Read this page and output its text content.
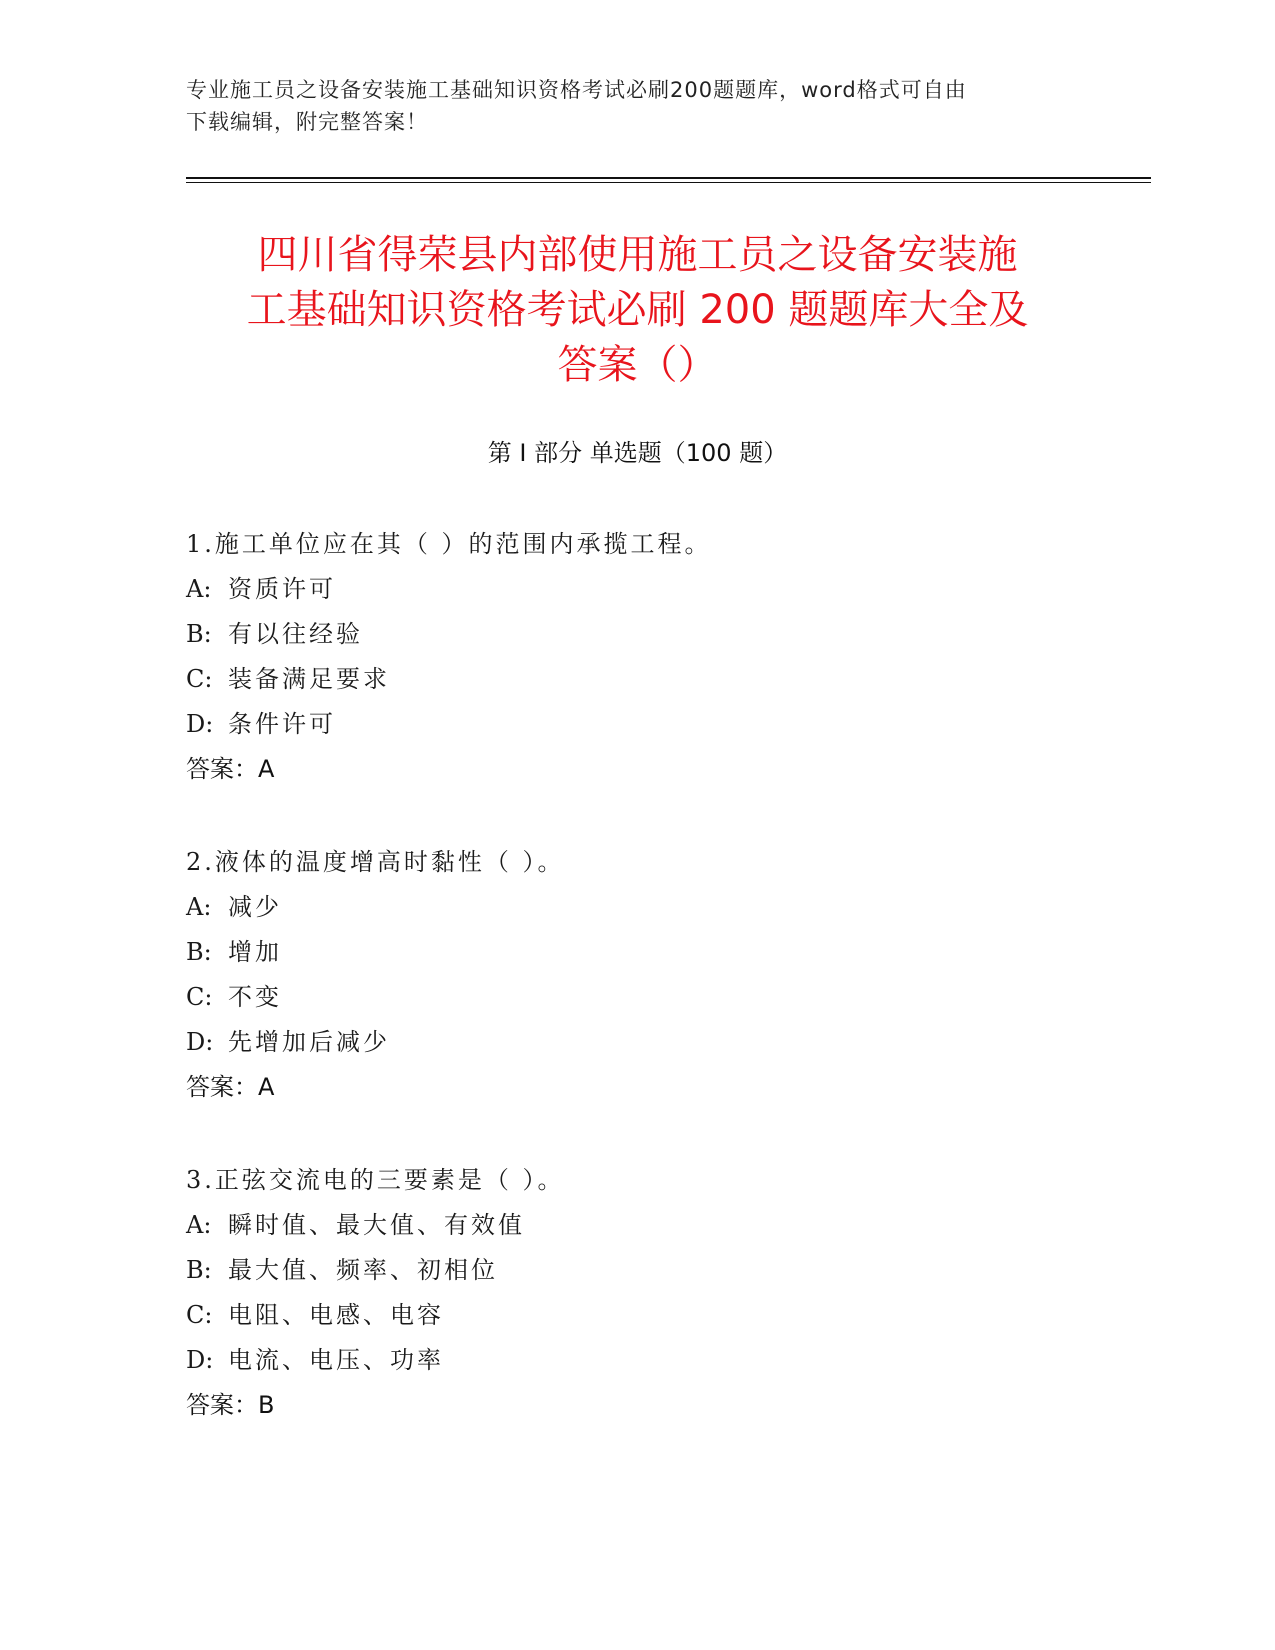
专业施工员之设备安装施工基础知识资格考试必刷200题题库，word格式可自由
下载编辑，附完整答案！
四川省得荣县内部使用施工员之设备安装施
工基础知识资格考试必刷 200 题题库大全及
答案（）
第 I 部分 单选题（100 题）
1.施工单位应在其（ ）的范围内承揽工程。
A: 资质许可
B: 有以往经验
C: 装备满足要求
D: 条件许可
答案：A
2.液体的温度增高时黏性（ ）。
A: 减少
B: 增加
C: 不变
D: 先增加后减少
答案：A
3.正弦交流电的三要素是（ ）。
A: 瞬时值、最大值、有效值
B: 最大值、频率、初相位
C: 电阻、电感、电容
D: 电流、电压、功率
答案：B
